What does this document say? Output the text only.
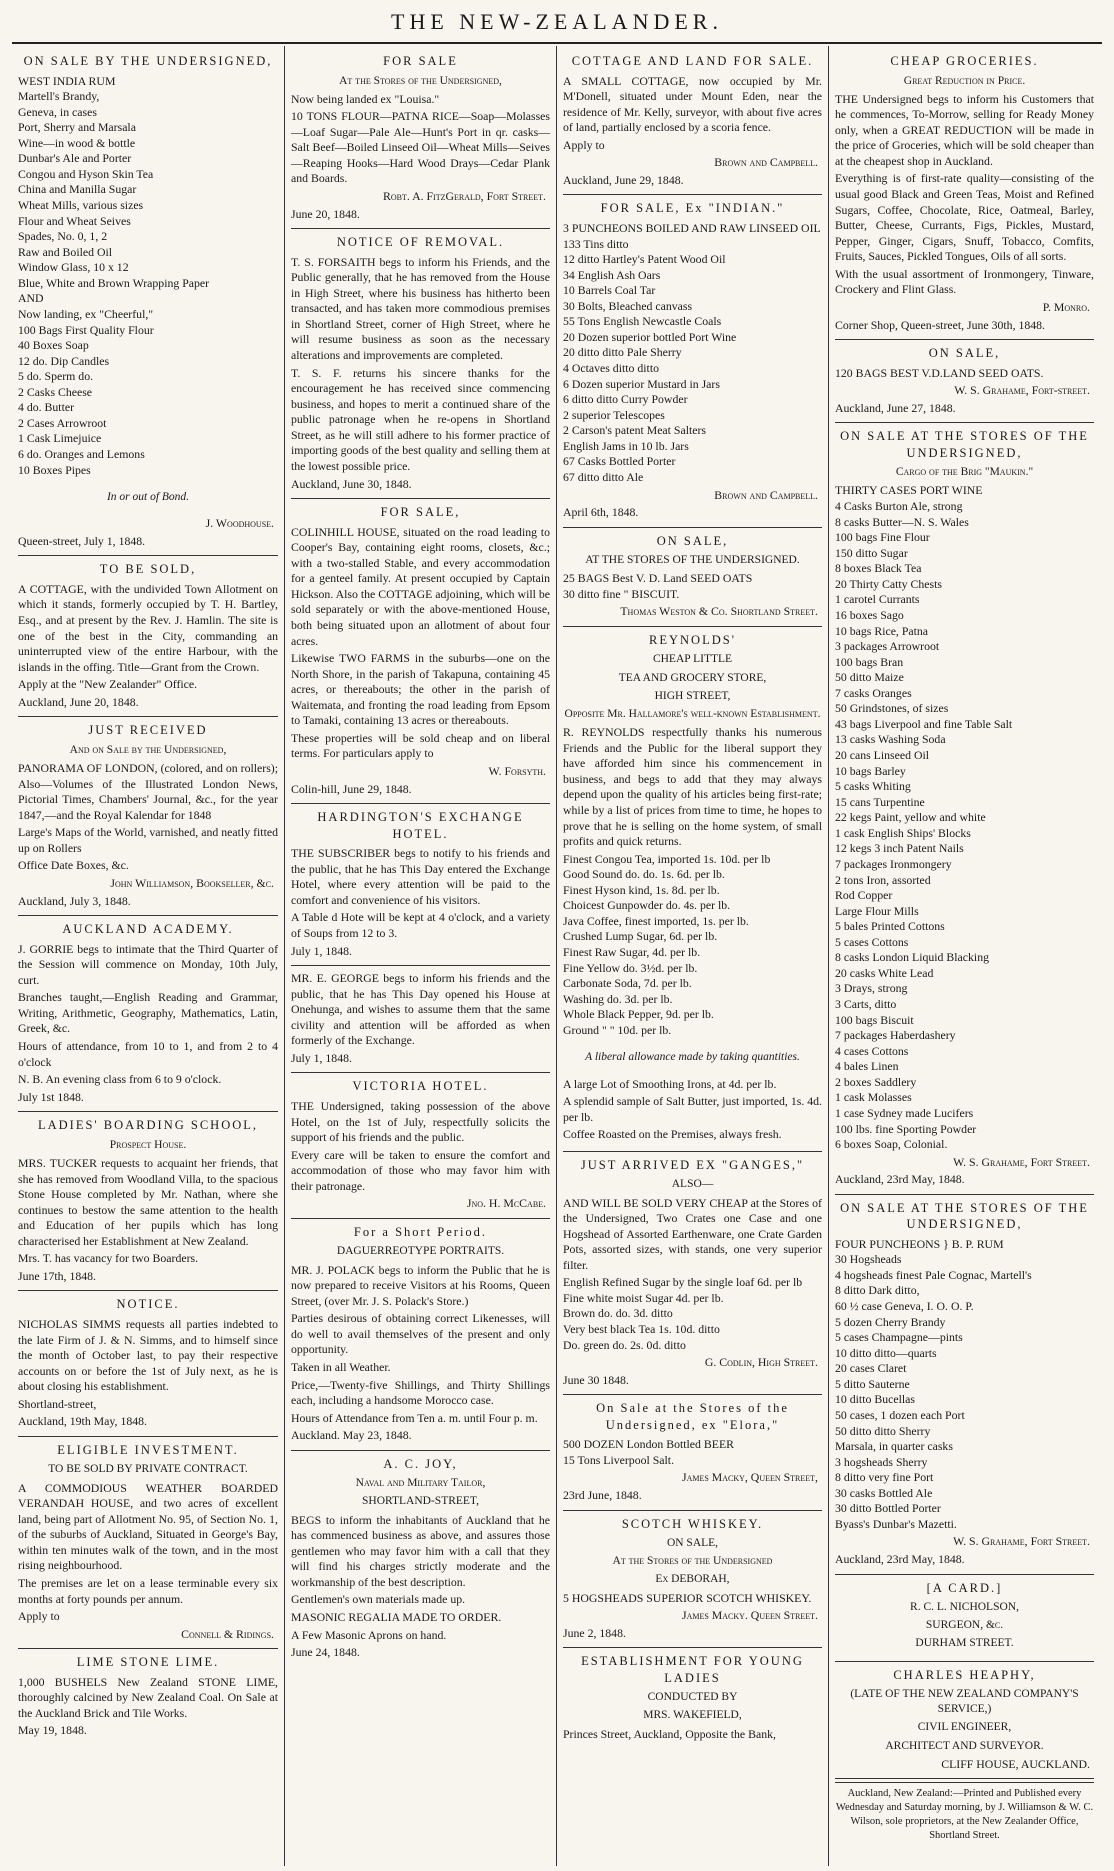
THE NEW-ZEALANDER.
ON SALE BY THE UNDERSIGNED,

WEST INDIA RUM

Martell's Brandy,

Geneva, in cases

Port, Sherry and Marsala

Wine—in wood & bottle

Dunbar's Ale and Porter

Congou and Hyson Skin Tea

China and Manilla Sugar

Wheat Mills, various sizes

Flour and Wheat Seives

Spades, No. 0, 1, 2

Raw and Boiled Oil

Window Glass, 10 x 12

Blue, White and Brown Wrapping Paper

AND

Now landing, ex "Cheerful,"

100 Bags First Quality Flour

40 Boxes Soap

12 do. Dip Candles

5 do. Sperm do.

2 Casks Cheese

4 do. Butter

2 Cases Arrowroot

1 Cask Limejuice

6 do. Oranges and Lemons

10 Boxes Pipes

In or out of Bond.

J. Woodhouse.

Queen-street, July 1, 1848.

TO BE SOLD,

A COTTAGE, with the undivided Town Allotment on which it stands, formerly occupied by T. H. Bartley, Esq., and at present by the Rev. J. Hamlin. The site is one of the best in the City, commanding an uninterrupted view of the entire Harbour, with the islands in the offing. Title—Grant from the Crown.

Apply at the "New Zealander" Office.

Auckland, June 20, 1848.

JUST RECEIVED
And on Sale by the Undersigned,

PANORAMA OF LONDON, (colored, and on rollers); Also—Volumes of the Illustrated London News, Pictorial Times, Chambers' Journal, &c., for the year 1847,—and the Royal Kalendar for 1848

Large's Maps of the World, varnished, and neatly fitted up on Rollers

Office Date Boxes, &c.

John Williamson, Bookseller, &c.

Auckland, July 3, 1848.

AUCKLAND ACADEMY.

J. GORRIE begs to intimate that the Third Quarter of the Session will commence on Monday, 10th July, curt.

Branches taught,—English Reading and Grammar, Writing, Arithmetic, Geography, Mathematics, Latin, Greek, &c.

Hours of attendance, from 10 to 1, and from 2 to 4 o'clock

N. B. An evening class from 6 to 9 o'clock.

July 1st 1848.

LADIES' BOARDING SCHOOL,
Prospect House.

MRS. TUCKER requests to acquaint her friends, that she has removed from Woodland Villa, to the spacious Stone House completed by Mr. Nathan, where she continues to bestow the same attention to the health and Education of her pupils which has long characterised her Establishment at New Zealand.

Mrs. T. has vacancy for two Boarders.

June 17th, 1848.

NOTICE.

NICHOLAS SIMMS requests all parties indebted to the late Firm of J. & N. Simms, and to himself since the month of October last, to pay their respective accounts on or before the 1st of July next, as he is about closing his establishment.

Shortland-street,

Auckland, 19th May, 1848.

ELIGIBLE INVESTMENT.
TO BE SOLD BY PRIVATE CONTRACT.

A COMMODIOUS WEATHER BOARDED VERANDAH HOUSE, and two acres of excellent land, being part of Allotment No. 95, of Section No. 1, of the suburbs of Auckland, Situated in George's Bay, within ten minutes walk of the town, and in the most rising neighbourhood.

The premises are let on a lease terminable every six months at forty pounds per annum.

Apply to

Connell & Ridings.

LIME STONE LIME.

1,000 BUSHELS New Zealand STONE LIME, thoroughly calcined by New Zealand Coal. On Sale at the Auckland Brick and Tile Works.

May 19, 1848.

FOR SALE
At the Stores of the Undersigned,

Now being landed ex "Louisa."

10 TONS FLOUR—PATNA RICE—Soap—Molasses—Loaf Sugar—Pale Ale—Hunt's Port in qr. casks—Salt Beef—Boiled Linseed Oil—Wheat Mills—Seives—Reaping Hooks—Hard Wood Drays—Cedar Plank and Boards.

Robt. A. FitzGerald, Fort Street.

June 20, 1848.

NOTICE OF REMOVAL.

T. S. FORSAITH begs to inform his Friends, and the Public generally, that he has removed from the House in High Street, where his business has hitherto been transacted, and has taken more commodious premises in Shortland Street, corner of High Street, where he will resume business as soon as the necessary alterations and improvements are completed.

T. S. F. returns his sincere thanks for the encouragement he has received since commencing business, and hopes to merit a continued share of the public patronage when he re-opens in Shortland Street, as he will still adhere to his former practice of importing goods of the best quality and selling them at the lowest possible price.

Auckland, June 30, 1848.

FOR SALE,

COLINHILL HOUSE, situated on the road leading to Cooper's Bay, containing eight rooms, closets, &c.; with a two-stalled Stable, and every accommodation for a genteel family. At present occupied by Captain Hickson. Also the COTTAGE adjoining, which will be sold separately or with the above-mentioned House, both being situated upon an allotment of about four acres.

Likewise TWO FARMS in the suburbs—one on the North Shore, in the parish of Takapuna, containing 45 acres, or thereabouts; the other in the parish of Waitemata, and fronting the road leading from Epsom to Tamaki, containing 13 acres or thereabouts.

These properties will be sold cheap and on liberal terms. For particulars apply to

W. Forsyth.

Colin-hill, June 29, 1848.

HARDINGTON'S EXCHANGE HOTEL.

THE SUBSCRIBER begs to notify to his friends and the public, that he has This Day entered the Exchange Hotel, where every attention will be paid to the comfort and convenience of his visitors.

A Table d Hote will be kept at 4 o'clock, and a variety of Soups from 12 to 3.

July 1, 1848.

MR. E. GEORGE begs to inform his friends and the public, that he has This Day opened his House at Onehunga, and wishes to assume them that the same civility and attention will be afforded as when formerly of the Exchange.

July 1, 1848.

VICTORIA HOTEL.

THE Undersigned, taking possession of the above Hotel, on the 1st of July, respectfully solicits the support of his friends and the public.

Every care will be taken to ensure the comfort and accommodation of those who may favor him with their patronage.

Jno. H. McCabe.

For a Short Period.
DAGUERREOTYPE PORTRAITS.

MR. J. POLACK begs to inform the Public that he is now prepared to receive Visitors at his Rooms, Queen Street, (over Mr. J. S. Polack's Store.)

Parties desirous of obtaining correct Likenesses, will do well to avail themselves of the present and only opportunity.

Taken in all Weather.

Price,—Twenty-five Shillings, and Thirty Shillings each, including a handsome Morocco case.

Hours of Attendance from Ten a. m. until Four p. m.

Auckland. May 23, 1848.

A. C. JOY,
Naval and Military Tailor,
SHORTLAND-STREET,

BEGS to inform the inhabitants of Auckland that he has commenced business as above, and assures those gentlemen who may favor him with a call that they will find his charges strictly moderate and the workmanship of the best description.

Gentlemen's own materials made up.

MASONIC REGALIA MADE TO ORDER.

A Few Masonic Aprons on hand.

June 24, 1848.

COTTAGE AND LAND FOR SALE.

A SMALL COTTAGE, now occupied by Mr. M'Donell, situated under Mount Eden, near the residence of Mr. Kelly, surveyor, with about five acres of land, partially enclosed by a scoria fence.

Apply to

Brown and Campbell.

Auckland, June 29, 1848.

FOR SALE, Ex "INDIAN."

3 PUNCHEONS BOILED AND RAW LINSEED OIL

133 Tins ditto

12 ditto Hartley's Patent Wood Oil

34 English Ash Oars

10 Barrels Coal Tar

30 Bolts, Bleached canvass

55 Tons English Newcastle Coals

20 Dozen superior bottled Port Wine

20 ditto ditto Pale Sherry

4 Octaves ditto ditto

6 Dozen superior Mustard in Jars

6 ditto ditto Curry Powder

2 superior Telescopes

2 Carson's patent Meat Salters

English Jams in 10 lb. Jars

67 Casks Bottled Porter

67 ditto ditto Ale

Brown and Campbell.

April 6th, 1848.

ON SALE,
AT THE STORES OF THE UNDERSIGNED.

25 BAGS Best V. D. Land SEED OATS

30 ditto fine " BISCUIT.

Thomas Weston & Co. Shortland Street.

REYNOLDS'
CHEAP LITTLE
TEA AND GROCERY STORE,
HIGH STREET,
Opposite Mr. Hallamore's well-known Establishment.

R. REYNOLDS respectfully thanks his numerous Friends and the Public for the liberal support they have afforded him since his commencement in business, and begs to add that they may always depend upon the quality of his articles being first-rate; while by a list of prices from time to time, he hopes to prove that he is selling on the home system, of small profits and quick returns.

Finest Congou Tea, imported 1s. 10d. per lb

Good Sound do. do. 1s. 6d. per lb.

Finest Hyson kind, 1s. 8d. per lb.

Choicest Gunpowder do. 4s. per lb.

Java Coffee, finest imported, 1s. per lb.

Crushed Lump Sugar, 6d. per lb.

Finest Raw Sugar, 4d. per lb.

Fine Yellow do. 3½d. per lb.

Carbonate Soda, 7d. per lb.

Washing do. 3d. per lb.

Whole Black Pepper, 9d. per lb.

Ground " " 10d. per lb.

A liberal allowance made by taking quantities.

A large Lot of Smoothing Irons, at 4d. per lb.

A splendid sample of Salt Butter, just imported, 1s. 4d. per lb.

Coffee Roasted on the Premises, always fresh.

JUST ARRIVED EX "GANGES,"
ALSO—

AND WILL BE SOLD VERY CHEAP at the Stores of the Undersigned, Two Crates one Case and one Hogshead of Assorted Earthenware, one Crate Garden Pots, assorted sizes, with stands, one very superior filter.

English Refined Sugar by the single loaf 6d. per lb

Fine white moist Sugar 4d. per lb.

Brown do. do. 3d. ditto

Very best black Tea 1s. 10d. ditto

Do. green do. 2s. 0d. ditto

G. Codlin, High Street.

June 30 1848.

On Sale at the Stores of the Undersigned, ex "Elora,"

500 DOZEN London Bottled BEER

15 Tons Liverpool Salt.

James Macky, Queen Street,

23rd June, 1848.

SCOTCH WHISKEY.
ON SALE,
At the Stores of the Undersigned
Ex DEBORAH,

5 HOGSHEADS SUPERIOR SCOTCH WHISKEY.

James Macky. Queen Street.

June 2, 1848.

ESTABLISHMENT FOR YOUNG LADIES
CONDUCTED BY
MRS. WAKEFIELD,

Princes Street, Auckland, Opposite the Bank,

CHEAP GROCERIES.
Great Reduction in Price.

THE Undersigned begs to inform his Customers that he commences, To-Morrow, selling for Ready Money only, when a GREAT REDUCTION will be made in the price of Groceries, which will be sold cheaper than at the cheapest shop in Auckland.

Everything is of first-rate quality—consisting of the usual good Black and Green Teas, Moist and Refined Sugars, Coffee, Chocolate, Rice, Oatmeal, Barley, Butter, Cheese, Currants, Figs, Pickles, Mustard, Pepper, Ginger, Cigars, Snuff, Tobacco, Comfits, Fruits, Sauces, Pickled Tongues, Oils of all sorts.

With the usual assortment of Ironmongery, Tinware, Crockery and Flint Glass.

P. Monro.

Corner Shop, Queen-street, June 30th, 1848.

ON SALE,

120 BAGS BEST V.D.LAND SEED OATS.

W. S. Grahame, Fort-street.

Auckland, June 27, 1848.

ON SALE AT THE STORES OF THE UNDERSIGNED,
Cargo of the Brig "Maukin."

THIRTY CASES PORT WINE

4 Casks Burton Ale, strong

8 casks Butter—N. S. Wales

100 bags Fine Flour

150 ditto Sugar

8 boxes Black Tea

20 Thirty Catty Chests

1 carotel Currants

16 boxes Sago

10 bags Rice, Patna

3 packages Arrowroot

100 bags Bran

50 ditto Maize

7 casks Oranges

50 Grindstones, of sizes

43 bags Liverpool and fine Table Salt

13 casks Washing Soda

20 cans Linseed Oil

10 bags Barley

5 casks Whiting

15 cans Turpentine

22 kegs Paint, yellow and white

1 cask English Ships' Blocks

12 kegs 3 inch Patent Nails

7 packages Ironmongery

2 tons Iron, assorted

Rod Copper

Large Flour Mills

5 bales Printed Cottons

5 cases Cottons

8 casks London Liquid Blacking

20 casks White Lead

3 Drays, strong

3 Carts, ditto

100 bags Biscuit

7 packages Haberdashery

4 cases Cottons

4 bales Linen

2 boxes Saddlery

1 cask Molasses

1 case Sydney made Lucifers

100 lbs. fine Sporting Powder

6 boxes Soap, Colonial.

W. S. Grahame, Fort Street.

Auckland, 23rd May, 1848.

ON SALE AT THE STORES OF THE UNDERSIGNED,

FOUR PUNCHEONS } B. P. RUM

30 Hogsheads

4 hogsheads finest Pale Cognac, Martell's

8 ditto Dark ditto,

60 ½ case Geneva, I. O. O. P.

5 dozen Cherry Brandy

5 cases Champagne—pints

10 ditto ditto—quarts

20 cases Claret

5 ditto Sauterne

10 ditto Bucellas

50 cases, 1 dozen each Port

50 ditto ditto Sherry

Marsala, in quarter casks

3 hogsheads Sherry

8 ditto very fine Port

30 casks Bottled Ale

30 ditto Bottled Porter

Byass's Dunbar's Mazetti.

W. S. Grahame, Fort Street.

Auckland, 23rd May, 1848.

[A CARD.]
R. C. L. NICHOLSON,
SURGEON, &c.
DURHAM STREET.
CHARLES HEAPHY,
(LATE OF THE NEW ZEALAND COMPANY'S SERVICE,)
CIVIL ENGINEER,
ARCHITECT AND SURVEYOR.

CLIFF HOUSE, AUCKLAND.

Auckland, New Zealand:—Printed and Published every Wednesday and Saturday morning, by J. Williamson & W. C. Wilson, sole proprietors, at the New Zealander Office, Shortland Street.
